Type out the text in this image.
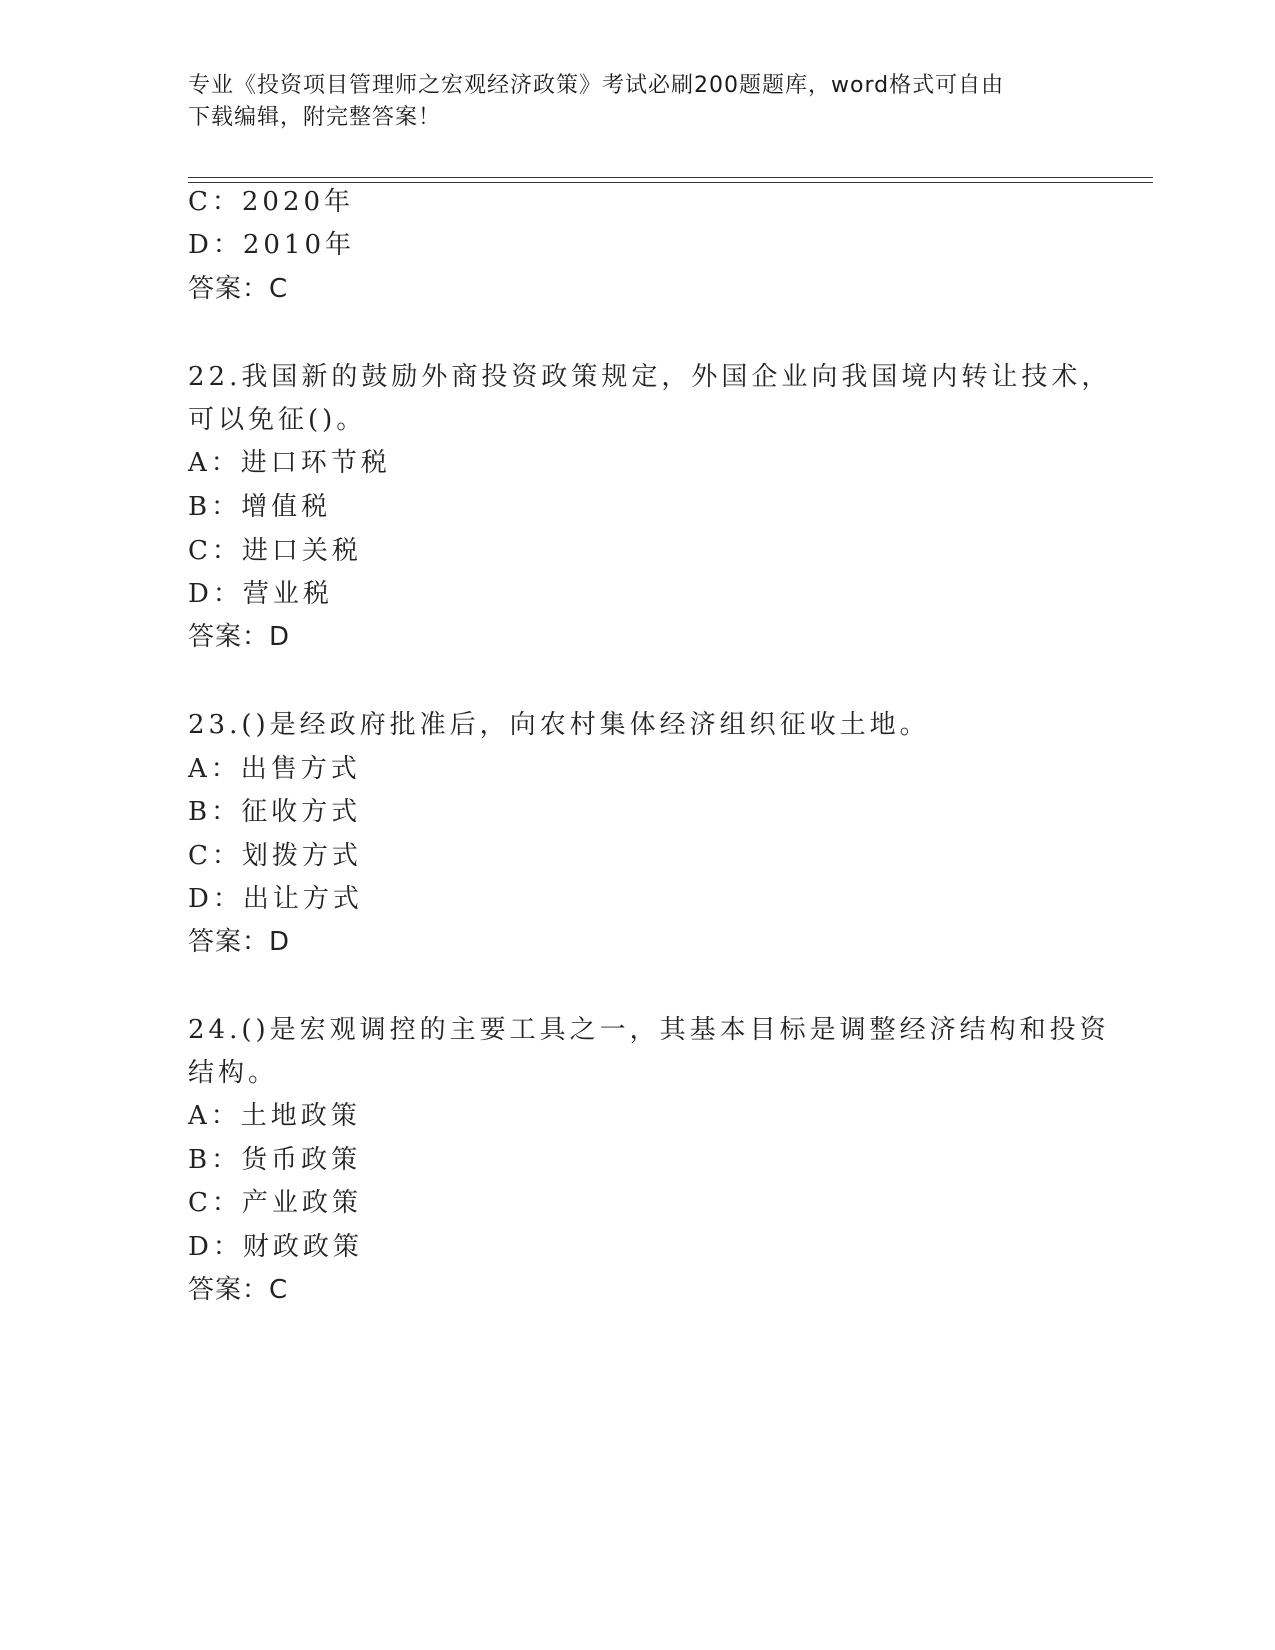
专业《投资项目管理师之宏观经济政策》考试必刷200题题库，word格式可自由
下载编辑，附完整答案！
C：2020年
D：2010年
答案：C
22.我国新的鼓励外商投资政策规定，外国企业向我国境内转让技术，
可以免征()。
A：进口环节税
B：增值税
C：进口关税
D：营业税
答案：D
23.()是经政府批准后，向农村集体经济组织征收土地。
A：出售方式
B：征收方式
C：划拨方式
D：出让方式
答案：D
24.()是宏观调控的主要工具之一，其基本目标是调整经济结构和投资
结构。
A：土地政策
B：货币政策
C：产业政策
D：财政政策
答案：C
